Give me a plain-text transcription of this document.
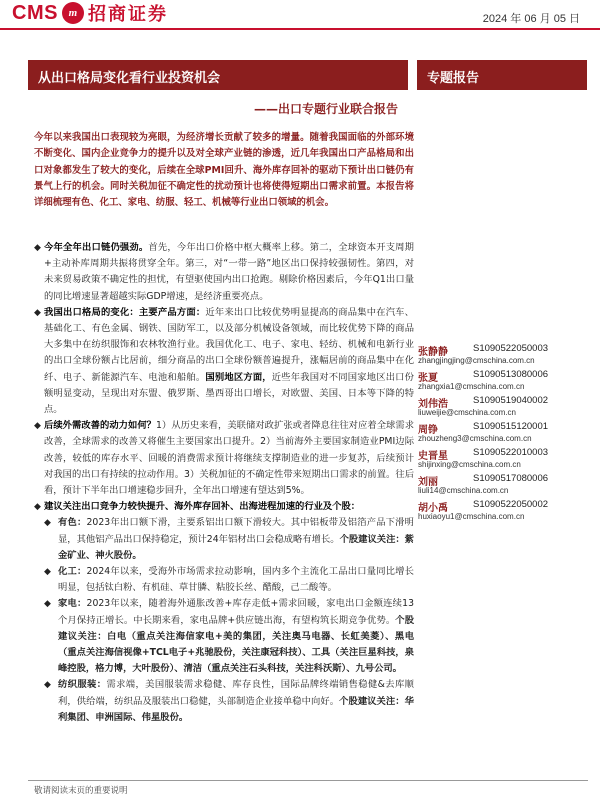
CMS m 招商证券	2024 年 06 月 05 日
从出口格局变化看行业投资机会
——出口专题行业联合报告
专题报告
今年以来我国出口表现较为亮眼，为经济增长贡献了较多的增量。随着我国面临的外部环境不断变化、国内企业竞争力的提升以及对全球产业链的渗透，近几年我国出口产品格局和出口对象都发生了较大的变化，后续在全球PMI回升、海外库存回补的驱动下预计出口链仍有景气上行的机会。同时关税加征不确定性的扰动预计也将使得短期出口需求前置。本报告将详细梳理有色、化工、家电、纺服、轻工、机械等行业出口领域的机会。
◆ 今年全年出口链仍强劲。首先，今年出口价格中枢大概率上移。第二，全球资本开支周期+主动补库周期共振将贯穿全年。第三，对“一带一路”地区出口保持较强韧性。第四，对未来贸易政策不确定性的担忧，有望驱使国内出口抢跑。剔除价格因素后，今年Q1出口量的同比增速显著超越实际GDP增速，是经济重要亮点。
◆ 我国出口格局的变化：主要产品方面：近年来出口比较优势明显提高的商品集中在汽车、基础化工、有色金属、钢铁、国防军工，以及部分机械设备领域，而比较优势下降的商品大多集中在纺织服饰和农林牧渔行业。我国优化工、电子、家电、轻纺、机械和电新行业的出口全球份额占比居前，细分商品的出口全球份额普遍提升，涨幅居前的商品集中在化纤、电子、新能源汽车、电池和船舶。国别地区方面，近些年我国对不同国家地区出口份额明显变动，呈现出对东盟、俄罗斯、墨西哥出口增长，对欧盟、美国、日本等下降的特点。
◆ 后续外需改善的动力如何？1）从历史来看，美联储对政扩张或者降息往往对应着全球需求改善，全球需求的改善又将催生主要国家出口提升。2）当前海外主要国家制造业PMI边际改善，较低的库存水平、回暖的消费需求预计将继续支撑制造业的进一步复苏，后续预计对我国的出口有持续的拉动作用。3）关税加征的不确定性带来短期出口需求的前置。往后看，预计下半年出口增速稳步回升，全年出口增速有望达到5%。
◆ 建议关注出口竞争力较快提升、海外库存回补、出海进程加速的行业及个股：
◆ 有色：2023年出口额下滑，主要系铝出口额下滑较大。其中铝板带及铝箔产品下滑明显，其他铝产品出口保持稳定，预计24年铝材出口会稳成略有增长。个股建议关注：紫金矿业、神火股份。
◆ 化工：2024年以来，受海外市场需求拉动影响，国内多个主流化工品出口量同比增长明显，包括钛白粉、有机硅、草甘膦、粘胶长丝、醋酸，己二酸等。
◆ 家电：2023年以来，随着海外通胀改善+库存走低+需求回暖，家电出口金额连续13个月保持正增长。中长期来看，家电品牌+供应链出海，有望构筑长期竞争优势。个股建议关注：白电（重点关注海信家电+美的集团，关注奥马电器、长虹美菱）、黑电（重点关注海信视像+TCL电子+兆驰股份，关注康冠科技）、工具（关注巨星科技，泉峰控股，格力博，大叶股份）、清洁（重点关注石头科技，关注科沃斯）、九号公司。
◆ 纺织服装：需求端，美国服装需求稳健、库存良性，国际品牌终端销售稳健&去库顺利，供给端，纺织品及服装出口稳健，头部制造企业接单稳中向好。个股建议关注：华利集团、申洲国际、伟星股份。
张静静	S1090522050003
zhangjingjing@cmschina.com.cn
张夏	S1090513080006
zhangxia1@cmschina.com.cn
刘伟浩	S1090519040002
liuweijie@cmschina.com.cn
周铮	S1090515120001
zhouzheng3@cmschina.com.cn
史晋星	S1090522010003
shijinxing@cmschina.com.cn
刘丽	S1090517080006
liuli14@cmschina.com.cn
胡小禹	S1090522050002
huxiaoyu1@cmschina.com.cn
敬请阅读末页的重要说明
